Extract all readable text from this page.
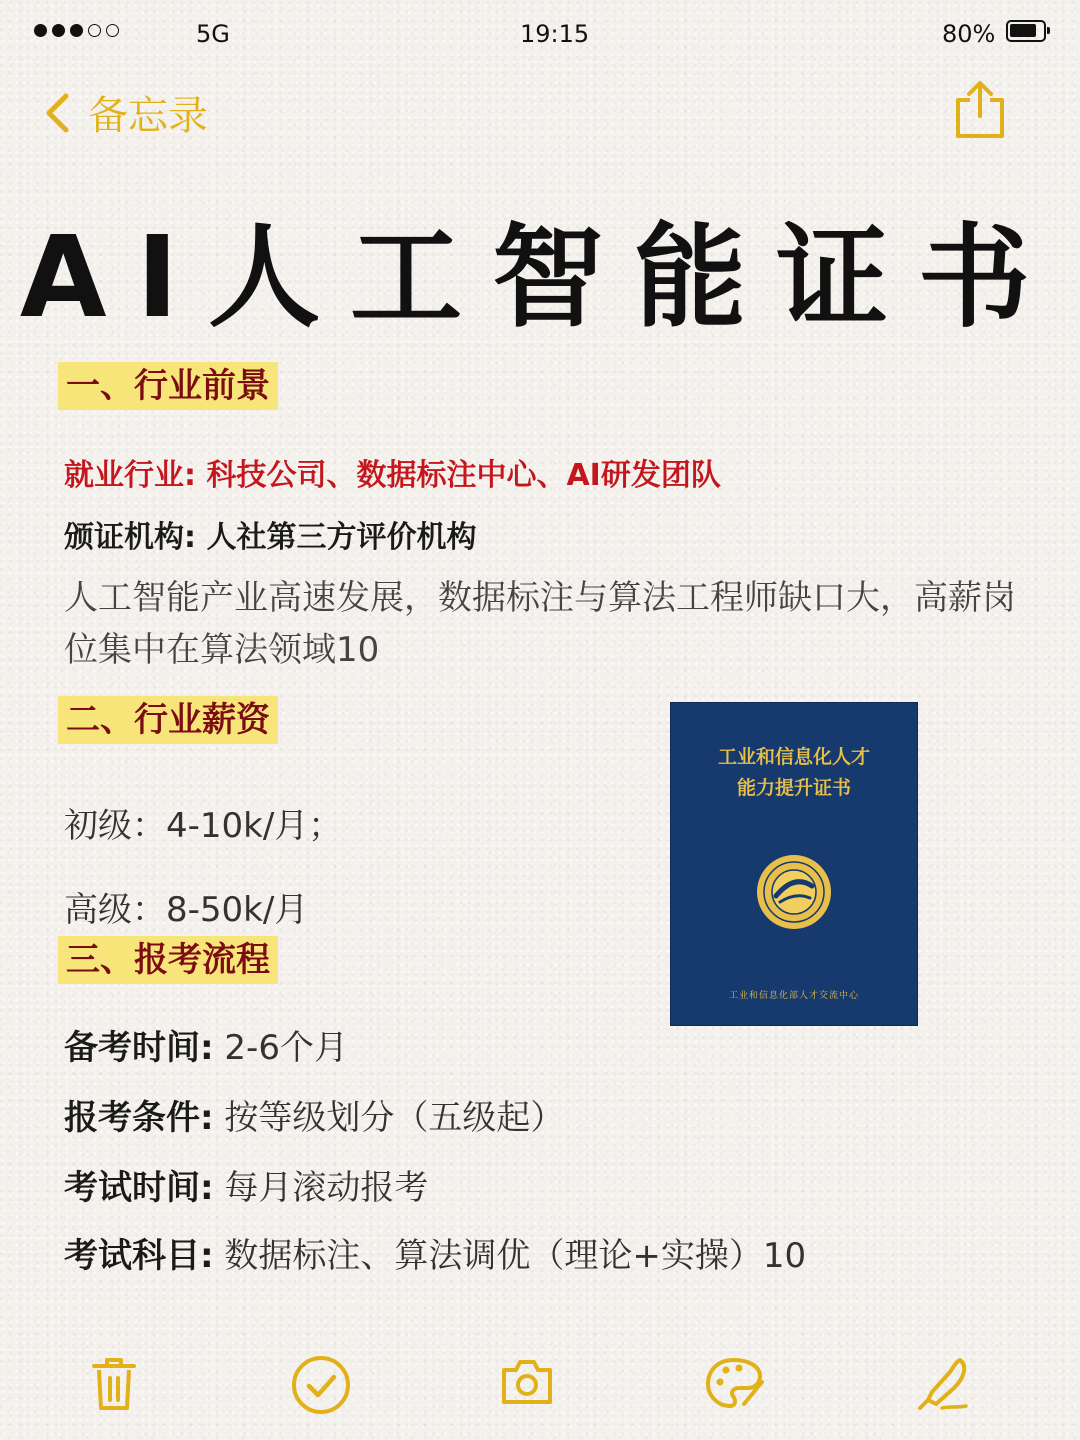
5G	19:15	80%
备忘录
AI人工智能证书
一、行业前景
就业行业: 科技公司、数据标注中心、AI研发团队
颁证机构: 人社第三方评价机构
人工智能产业高速发展，数据标注与算法工程师缺口大，高薪岗位集中在算法领域10
二、行业薪资
初级：4-10k/月；
高级：8-50k/月
三、报考流程
备考时间: 2-6个月
报考条件: 按等级划分（五级起）
考试时间: 每月滚动报考
考试科目: 数据标注、算法调优（理论+实操）10
工业和信息化人才
能力提升证书
工业和信息化部人才交流中心
